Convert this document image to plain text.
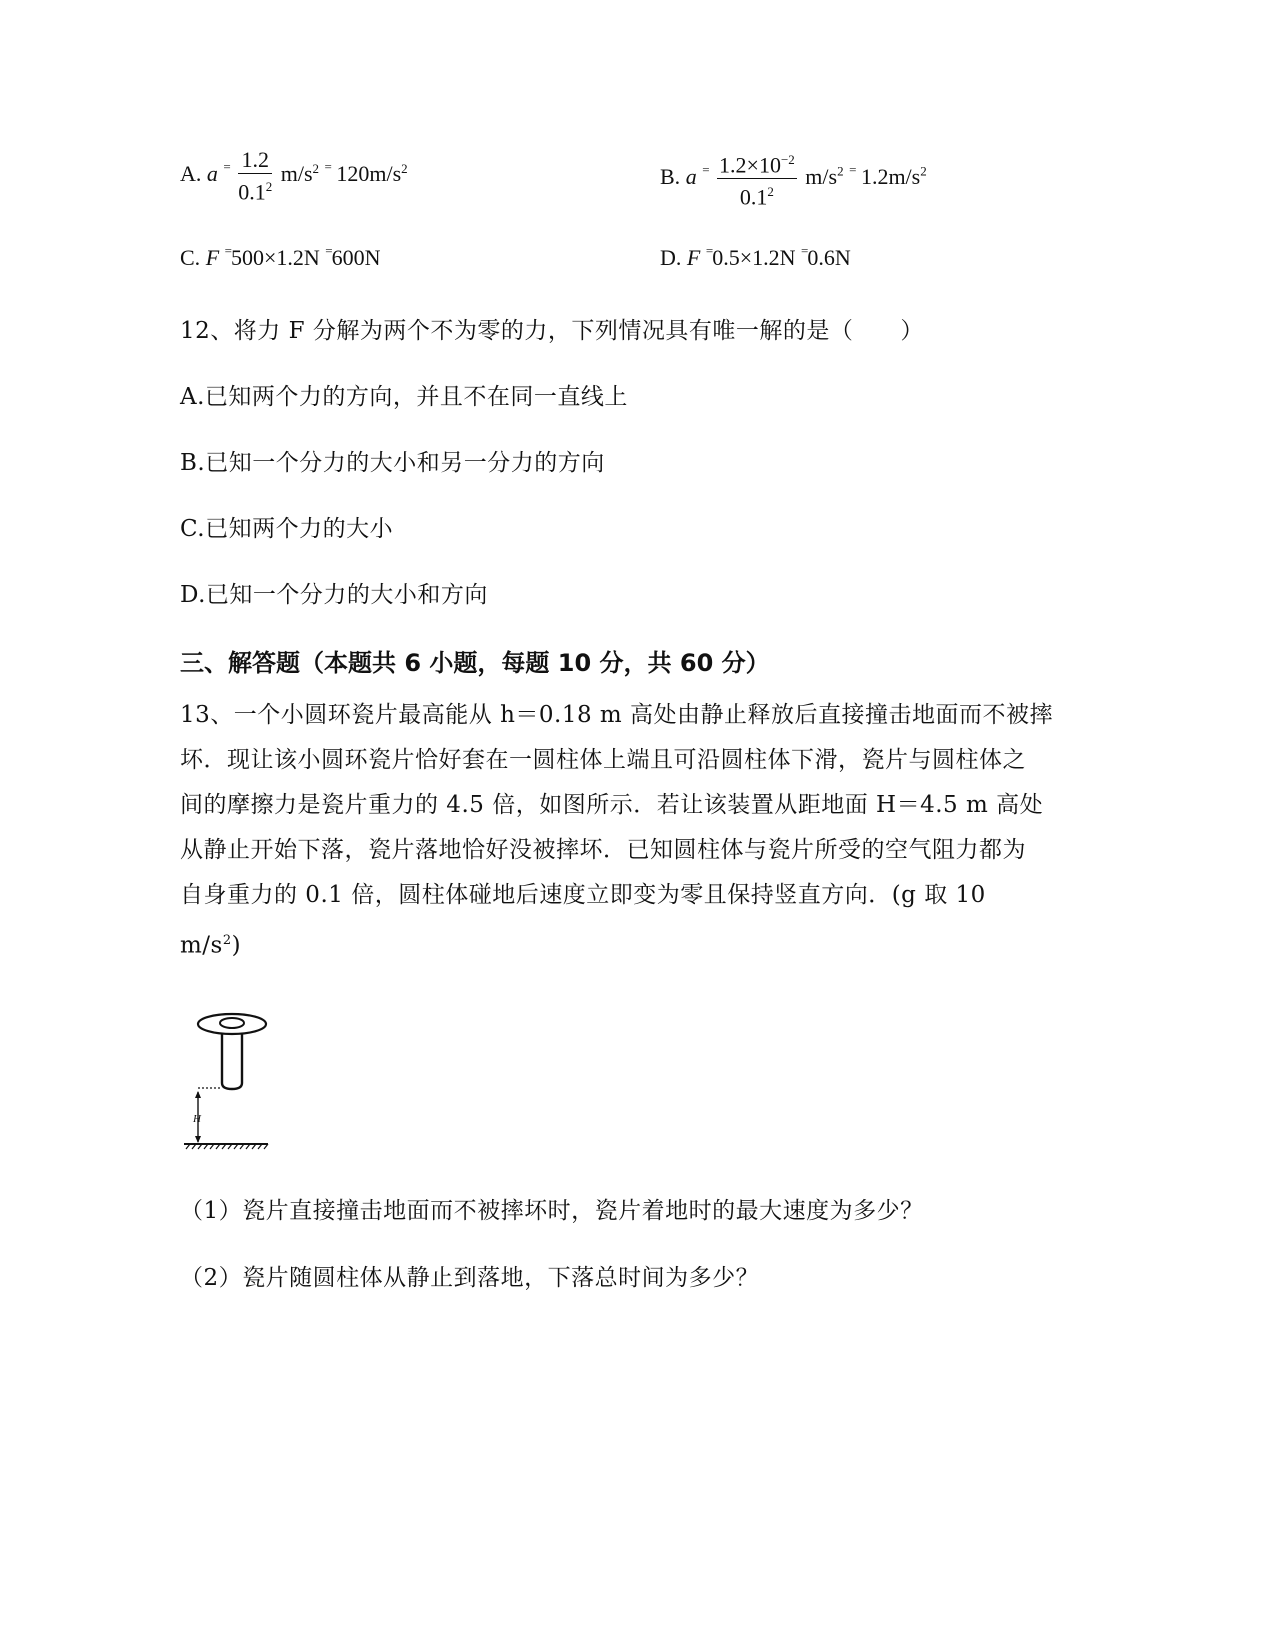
A. a $^= \frac{1.2}{0.1^2} m/s^2$ = $120m/s^2$	B. a $^= \frac{1.2\times 10^{-2}}{0.1^2} m/s^2$ = $1.2m/s^2$
C. F =500×1.2N =600N	D. F =0.5×1.2N =0.6N
12、将力 F 分解为两个不为零的力，下列情况具有唯一解的是（　　）
A.已知两个力的方向，并且不在同一直线上
B.已知一个分力的大小和另一分力的方向
C.已知两个力的大小
D.已知一个分力的大小和方向
三、解答题（本题共 6 小题，每题 10 分，共 60 分）
13、一个小圆环瓷片最高能从 h＝0.18 m 高处由静止释放后直接撞击地面而不被摔
坏．现让该小圆环瓷片恰好套在一圆柱体上端且可沿圆柱体下滑，瓷片与圆柱体之
间的摩擦力是瓷片重力的 4.5 倍，如图所示．若让该装置从距地面 H＝4.5 m 高处
从静止开始下落，瓷片落地恰好没被摔坏．已知圆柱体与瓷片所受的空气阻力都为
自身重力的 0.1 倍，圆柱体碰地后速度立即变为零且保持竖直方向．(g 取 10
$m/s^2$)
H
（1）瓷片直接撞击地面而不被摔坏时，瓷片着地时的最大速度为多少？
（2）瓷片随圆柱体从静止到落地，下落总时间为多少？
